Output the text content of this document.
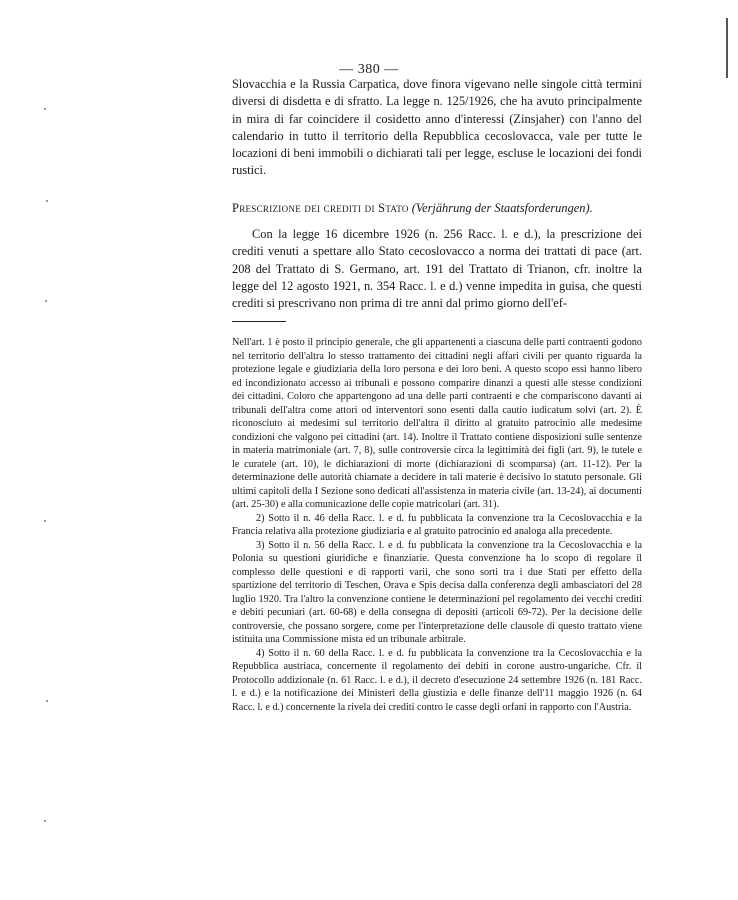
— 380 —

Slovacchia e la Russia Carpatica, dove finora vigevano nelle singole città termini diversi di disdetta e di sfratto. La legge n. 125/1926, che ha avuto principalmente in mira di far coincidere il cosidetto anno d'interessi (Zinsjaher) con l'anno del calendario in tutto il territorio della Repubblica cecoslovacca, vale per tutte le locazioni di beni immobili o dichiarati tali per legge, escluse le locazioni dei fondi rustici.

Prescrizione dei crediti di Stato (Verjährung der Staatsforderungen).

Con la legge 16 dicembre 1926 (n. 256 Racc. l. e d.), la prescrizione dei crediti venuti a spettare allo Stato cecoslovacco a norma dei trattati di pace (art. 208 del Trattato di S. Germano, art. 191 del Trattato di Trianon, cfr. inoltre la legge del 12 agosto 1921, n. 354 Racc. l. e d.) venne impedita in guisa, che questi crediti si prescrivano non prima di tre anni dal primo giorno dell'ef-

Nell'art. 1 è posto il principio generale, che gli appartenenti a ciascuna delle parti contraenti godono nel territorio dell'altra lo stesso trattamento dei cittadini negli affari civili per quanto riguarda la protezione legale e giudiziaria della loro persona e dei loro beni. A questo scopo essi hanno libero ed incondizionato accesso ai tribunali e possono comparire dinanzi a questi alle stesse condizioni dei cittadini. Coloro che appartengono ad una delle parti contraenti e che compariscono davanti ai tribunali dell'altra come attori od interventori sono esenti dalla cautio iudicatum solvi (art. 2). È riconosciuto ai medesimi sul territorio dell'altra il diritto al gratuito patrocinio alle medesime condizioni che valgono pei cittadini (art. 14). Inoltre il Trattato contiene disposizioni sulle sentenze in materia matrimoniale (art. 7, 8), sulle controversie circa la legittimità dei figli (art. 9), le tutele e le curatele (art. 10), le dichiarazioni di morte (dichiarazioni di scomparsa) (art. 11-12). Per la determinazione delle autorità chiamate a decidere in tali materie è decisivo lo statuto personale. Gli ultimi capitoli della I Sezione sono dedicati all'assistenza in materia civile (art. 13-24), ai documenti (art. 25-30) e alla comunicazione delle copie matricolari (art. 31).

2) Sotto il n. 46 della Racc. l. e d. fu pubblicata la convenzione tra la Cecoslovacchia e la Francia relativa alla protezione giudiziaria e al gratuito patrocinio ed analoga alla precedente.

3) Sotto il n. 56 della Racc. l. e d. fu pubblicata la convenzione tra la Cecoslovacchia e la Polonia su questioni giuridiche e finanziarie. Questa convenzione ha lo scopo di regolare il complesso delle questioni e di rapporti varii, che sono sorti tra i due Stati per effetto della spartizione del territorio di Teschen, Orava e Spis decisa dalla conferenza degli ambasciatori del 28 luglio 1920. Tra l'altro la convenzione contiene le determinazioni pel regolamento dei vecchi crediti e debiti pecuniari (art. 60-68) e della consegna di depositi (articoli 69-72). Per la decisione delle controversie, che possano sorgere, come per l'interpretazione delle clausole di questo trattato viene istituita una Commissione mista ed un tribunale arbitrale.

4) Sotto il n. 60 della Racc. l. e d. fu pubblicata la convenzione tra la Cecoslovacchia e la Repubblica austriaca, concernente il regolamento dei debiti in corone austro-ungariche. Cfr. il Protocollo addizionale (n. 61 Racc. l. e d.), il decreto d'esecuzione 24 settembre 1926 (n. 181 Racc. l. e d.) e la notificazione dei Ministeri della giustizia e delle finanze dell'11 maggio 1926 (n. 64 Racc. l. e d.) concernente la rivela dei crediti contro le casse degli orfani in rapporto con l'Austria.
